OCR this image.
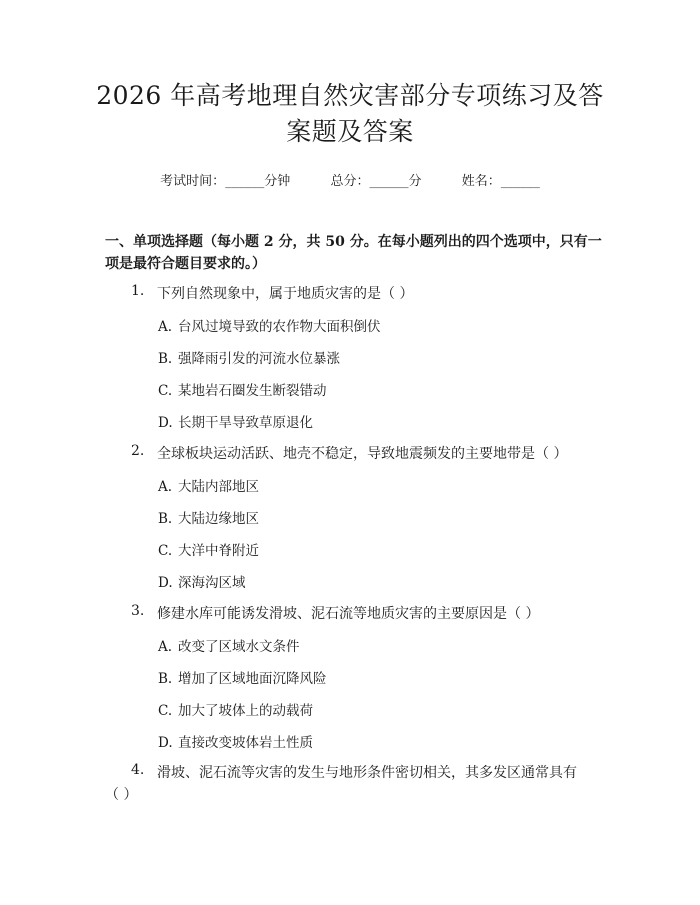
2026 年高考地理自然灾害部分专项练习及答
案题及答案
考试时间：______分钟	总分：______分	姓名：______
一、单项选择题（每小题 2 分，共 50 分。在每小题列出的四个选项中，只有一项是最符合题目要求的。）
1. 下列自然现象中，属于地质灾害的是（ ）
A. 台风过境导致的农作物大面积倒伏
B. 强降雨引发的河流水位暴涨
C. 某地岩石圈发生断裂错动
D. 长期干旱导致草原退化
2. 全球板块运动活跃、地壳不稳定，导致地震频发的主要地带是（ ）
A. 大陆内部地区
B. 大陆边缘地区
C. 大洋中脊附近
D. 深海沟区域
3. 修建水库可能诱发滑坡、泥石流等地质灾害的主要原因是（ ）
A. 改变了区域水文条件
B. 增加了区域地面沉降风险
C. 加大了坡体上的动载荷
D. 直接改变坡体岩土性质
4. 滑坡、泥石流等灾害的发生与地形条件密切相关，其多发区通常具有
（ ）
